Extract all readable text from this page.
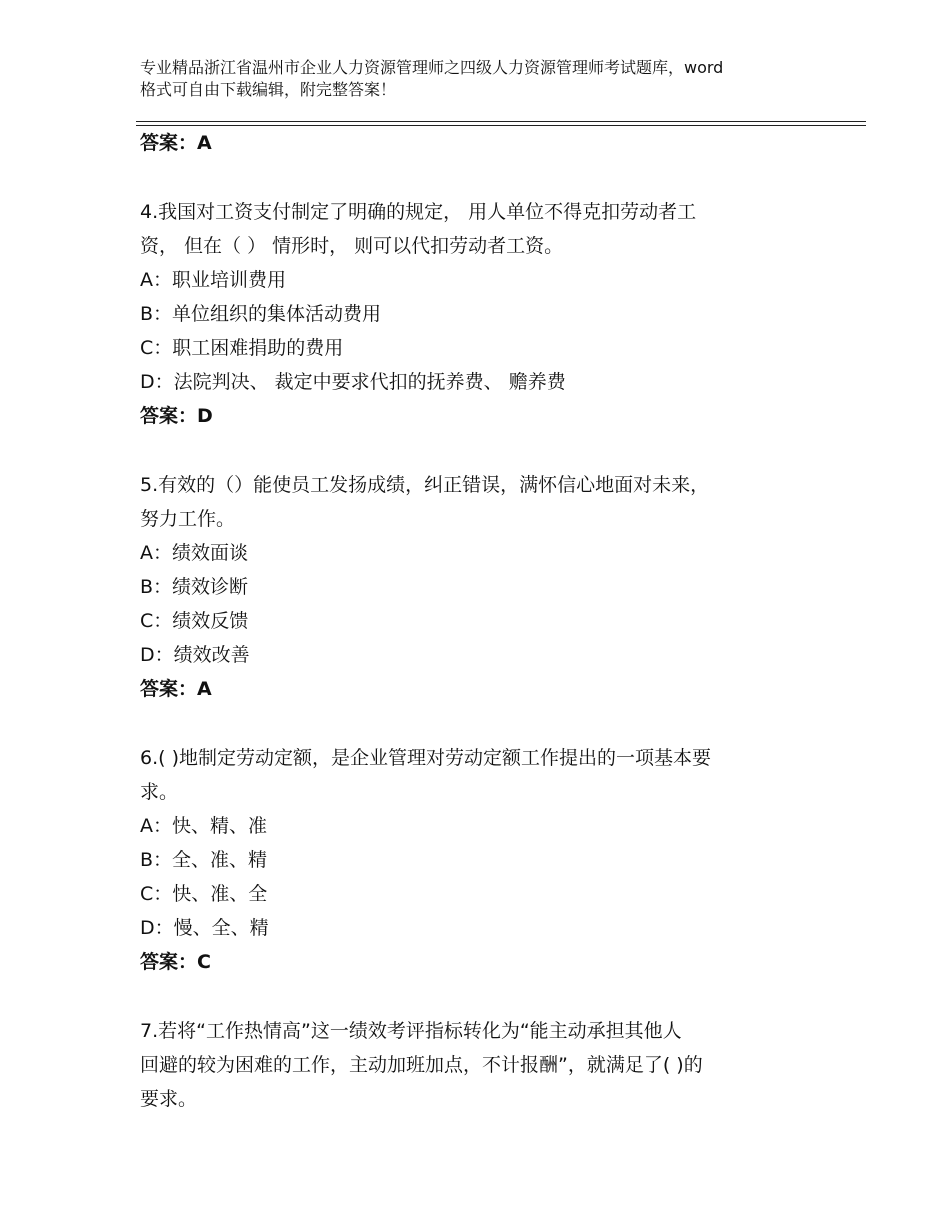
专业精品浙江省温州市企业人力资源管理师之四级人力资源管理师考试题库，word
格式可自由下载编辑，附完整答案！
答案：A
4.我国对工资支付制定了明确的规定， 用人单位不得克扣劳动者工
资， 但在（ ） 情形时， 则可以代扣劳动者工资。
A：职业培训费用
B：单位组织的集体活动费用
C：职工困难捐助的费用
D：法院判决、 裁定中要求代扣的抚养费、 赡养费
答案：D
5.有效的（）能使员工发扬成绩，纠正错误，满怀信心地面对未来，
努力工作。
A：绩效面谈
B：绩效诊断
C：绩效反馈
D：绩效改善
答案：A
6.( )地制定劳动定额，是企业管理对劳动定额工作提出的一项基本要
求。
A：快、精、准
B：全、准、精
C：快、准、全
D：慢、全、精
答案：C
7.若将“工作热情高”这一绩效考评指标转化为“能主动承担其他人
回避的较为困难的工作，主动加班加点，不计报酬”，就满足了( )的
要求。
